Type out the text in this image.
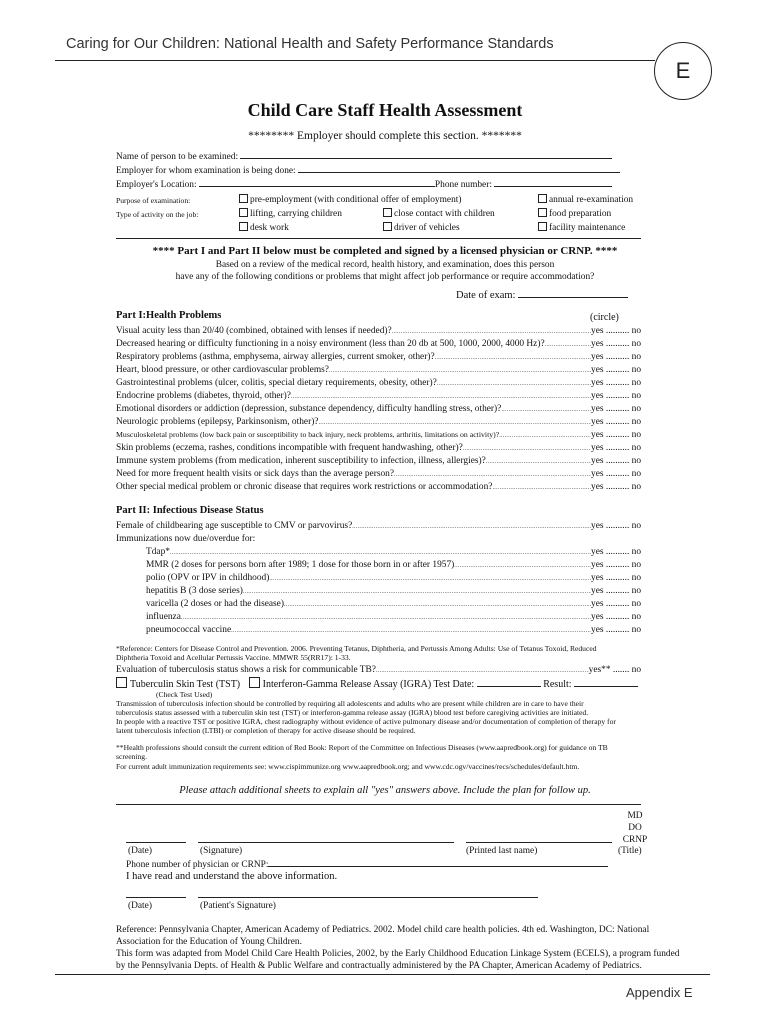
Caring for Our Children: National Health and Safety Performance Standards
E
Child Care Staff Health Assessment
******** Employer should complete this section. *******
Name of person to be examined:
Employer for whom examination is being done:
Employer's Location:	Phone number:
Purpose of examination:	pre-employment (with conditional offer of employment)	annual re-examination
Type of activity on the job:	lifting, carrying children	close contact with children	food preparation
desk work	driver of vehicles	facility maintenance
**** Part I and Part II below must be completed and signed by a licensed physician or CRNP. ****
Based on a review of the medical record, health history, and examination, does this person
have any of the following conditions or problems that might affect job performance or require accommodation?
Date of exam:
Part I:Health Problems	(circle)
Visual acuity less than 20/40 (combined, obtained with lenses if needed)? .....	yes .......... no
Decreased hearing or difficulty functioning in a noisy environment (less than 20 db at 500, 1000, 2000, 4000 Hz)? .....	yes .......... no
Respiratory problems (asthma, emphysema, airway allergies, current smoker, other)? .....	yes .......... no
Heart, blood pressure, or other cardiovascular problems? .....	yes .......... no
Gastrointestinal problems (ulcer, colitis, special dietary requirements, obesity, other)? .....	yes .......... no
Endocrine problems (diabetes, thyroid, other)? .....	yes .......... no
Emotional disorders or addiction (depression, substance dependency, difficulty handling stress, other)? .....	yes .......... no
Neurologic problems (epilepsy, Parkinsonism, other)? .....	yes .......... no
Musculoskeletal problems (low back pain or susceptibility to back injury, neck problems, arthritis, limitations on activity)? .....	yes .......... no
Skin problems (eczema, rashes, conditions incompatible with frequent handwashing, other)? .....	yes .......... no
Immune system problems (from medication, inherent susceptibility to infection, illness, allergies)? .....	yes .......... no
Need for more frequent health visits or sick days than the average person? .....	yes .......... no
Other special medical problem or chronic disease that requires work restrictions or accommodation? .....	yes .......... no
Part II: Infectious Disease Status
Female of childbearing age susceptible to CMV or parvovirus? .....	yes .......... no
Immunizations now due/overdue for:
Tdap* .....	yes .......... no
MMR (2 doses for persons born after 1989; 1 dose for those born in or after 1957) .....	yes .......... no
polio (OPV or IPV in childhood) .....	yes .......... no
hepatitis B (3 dose series) .....	yes .......... no
varicella (2 doses or had the disease) .....	yes .......... no
influenza .....	yes .......... no
pneumococcal vaccine .....	yes .......... no
*Reference: Centers for Disease Control and Prevention. 2006. Preventing Tetanus, Diphtheria, and Pertussis Among Adults: Use of Tetanus Toxoid, Reduced
Diphtheria Toxoid and Acellular Pertussis Vaccine. MMWR 55(RR17): 1-33.
Evaluation of tuberculosis status shows a risk for communicable TB? .....	yes** ....... no
Tuberculin Skin Test (TST) Interferon-Gamma Release Assay (IGRA) Test Date:	Result:
(Check Test Used)
Transmission of tuberculosis infection should be controlled by requiring all adolescents and adults who are present while children are in care to have their
tuberculosis status assessed with a tuberculin skin test (TST) or interferon-gamma release assay (IGRA) blood test before caregiving activities are initiated.
In people with a reactive TST or positive IGRA, chest radiography without evidence of active pulmonary disease and/or documentation of completion of therapy for
latent tuberculosis infection (LTBI) or completion of therapy for active disease should be required.
**Health professions should consult the current edition of Red Book: Report of the Committee on Infectious Diseases (www.aapredbook.org) for guidance on TB
screening.
For current adult immunization requirements see: www.cispimmunize.org www.aapredbook.org; and www.cdc.ogv/vaccines/recs/schedules/default.htm.
Please attach additional sheets to explain all "yes" answers above. Include the plan for follow up.
MD
DO
CRNP
(Date)	(Signature)	(Printed last name)	(Title)
Phone number of physician or CRNP:
I have read and understand the above information.
(Date)	(Patient's Signature)
Reference: Pennsylvania Chapter, American Academy of Pediatrics. 2002. Model child care health policies. 4th ed. Washington, DC: National
Association for the Education of Young Children.
This form was adapted from Model Child Care Health Policies, 2002, by the Early Childhood Education Linkage System (ECELS), a program funded
by the Pennsylvania Depts. of Health & Public Welfare and contractually administered by the PA Chapter, American Academy of Pediatrics.
Appendix E
